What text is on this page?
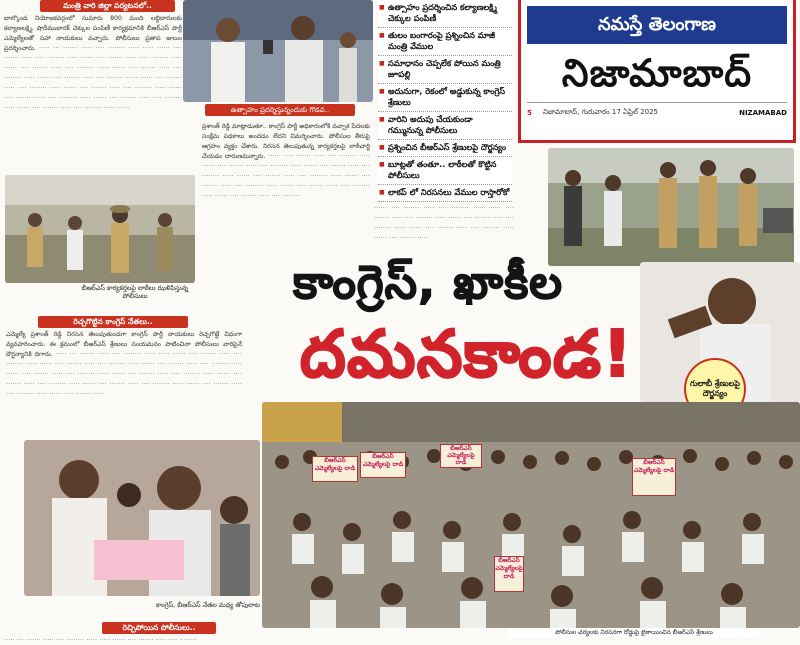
నమస్తే తెలంగాణ
నిజామాబాద్
5	నిజామాబాద్, గురువారం 17 ఏప్రిల్ 2025	NIZAMABAD
మంత్రి వారి జిల్లా పర్యటనలో..
బాల్కొండ నియోజకవర్గంలో సుమారు 800 మంది లబ్ధిదారులకు కల్యాణలక్ష్మి, షాదీముబారక్ చెక్కుల పంపిణీ కార్యక్రమానికి బీఆర్ఎస్ పార్టీ ఎమ్మెల్యేలతో సహా నాయకులు వచ్చారు. పోలీసులు ప్రతాప జులుం ప్రదర్శించారు. ····· ··· ······· ····· ···· ········ ····· ····· ······ ···· ······· ····· ···· ········ ····· ······ ···· ······· ····· ···· ········ ····· ······ ···· ······· ····· ···· ········ ····· ······ ···· ······· ····· ···· ········ ····· ······ ···· ······· ····· ···· ········ ····· ······ ···· ······· ····· ···· ········ ····· ······ ···· ······· ····· ···· ········ ····· ······ ···· ······· ····· ···· ········ ····· ······ ···· ······· ····· ···· ········ ····· ······ ···· ······· ····· ···· ········ ····· ······
బీఆర్ఎస్ కార్యకర్తలపై లాఠీలు ఝళిపిస్తున్న పోలీసులు
ఉత్సాహం ప్రదర్శిస్తున్నందుకు గొడవ..
■ ఉత్సాహం ప్రదర్శించిన కల్యాణలక్ష్మి చెక్కుల పంపిణీ
■ తులం బంగారంపై ప్రశ్నించిన మాజీ మంత్రి వేముల
■ సమాధానం చెప్పలేక పోయిన మంత్రి జూపల్లి
■ అదునుగా, రెకంలో అడ్డుకున్న కాంగ్రెస్ శ్రేణులు
■ వారిని అదుపు చేయకుండా గమ్మునున్న పోలీసులు
■ ప్రశ్నించిన బీఆర్ఎస్ శ్రేణులపై దౌర్జన్యం
■ బూట్లతో తంతూ.. లాఠీలతో కొట్టిన పోలీసులు
■ లాకప్ లో నిరసనలు వేముల రాస్తారోకో
ప్రశాంత్ రెడ్డి మాట్లాడుతూ.. కాంగ్రెస్ పార్టీ అధికారంలోకి వచ్చాక పేదలకు సంక్షేమ పథకాలు అందడం లేదని విమర్శించారు. పోలీసుల తీరుపై ఆగ్రహం వ్యక్తం చేశారు. నిరసన తెలుపుతున్న కార్యకర్తలపై లాఠీచార్జి చేయడం దారుణమన్నారు. ······ ···· ······· ····· ···· ········ ····· ······ ···· ······· ····· ···· ········ ····· ······ ···· ······· ····· ···· ········ ····· ······ ···· ······· ····· ···· ········ ····· ······ ···· ······· ····· ···· ········ ····· ······ ···· ······· ····· ···· ········ ····· ······ ···· ······· ····· ···· ········
······ ···· ······· ····· ···· ········ ····· ······ ···· ······· ····· ···· ········ ····· ······ ···· ······· ····· ···· ········ ····· ······ ···· ······· ····· ···· ········ ····· ······ ···· ······· ·····
కాంగ్రెస్, ఖాకీల
దమనకాండ!	గులాబీ శ్రేణులపై దౌర్జన్యం
రెచ్చగొట్టిన కాంగ్రెస్ నేతలు..
ఎమ్మెల్యే ప్రశాంత్ రెడ్డి నిరసన తెలుపుతుండగా కాంగ్రెస్ పార్టీ నాయకులు రెచ్చగొట్టే విధంగా వ్యవహరించారు. ఈ క్రమంలో బీఆర్ఎస్ శ్రేణులు సంయమనం పాటించినా పోలీసులు వారిపైనే దౌర్జన్యానికి దిగారు. ····· ··· ······· ····· ···· ········ ····· ····· ······ ···· ······· ····· ···· ········ ····· ······ ···· ······· ····· ···· ········ ····· ······ ···· ······· ····· ···· ········ ····· ······ ···· ······· ····· ···· ········ ····· ······ ···· ······· ····· ···· ········ ····· ······ ···· ······· ····· ···· ········ ····· ······ ···· ······· ····· ···· ········ ····· ······ ···· ······· ····· ···· ········ ····· ······ ···· ······· ·····
కాంగ్రెస్, బీఆర్ఎస్ నేతల మధ్య తోపులాట
రెచ్చిపోయిన పోలీసులు..
····· ··· ······· ····· ···· ········ ····· ····· ······ ···· ······· ····· ···· ········
బీఆర్ఎస్ ఎమ్మెల్యేలపై దాడి
బీఆర్ఎస్ ఎమ్మెల్యేలపై దాడి
బీఆర్ఎస్ ఎమ్మెల్యేలపై దాడి	బీఆర్ఎస్ ఎమ్మెల్యేలపై దాడి
బీఆర్ఎస్ ఎమ్మెల్యేలపై దాడి
పోలీసుల చర్యలకు నిరసనగా రోడ్డుపై బైఠాయించిన బీఆర్ఎస్ శ్రేణులు
